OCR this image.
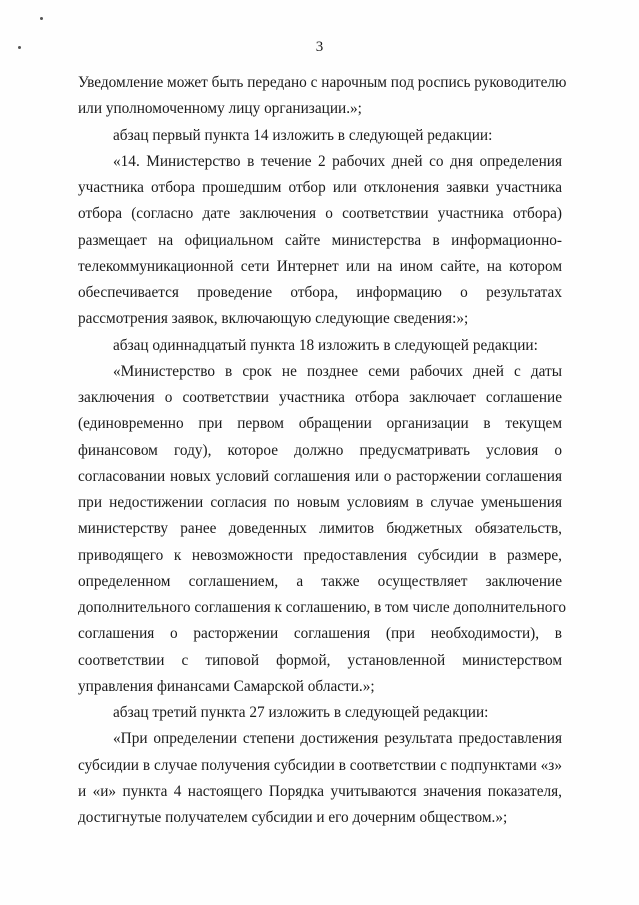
3
Уведомление может быть передано с нарочным под роспись руководителю
или уполномоченному лицу организации.»;
абзац первый пункта 14 изложить в следующей редакции:
«14. Министерство в течение 2 рабочих дней со дня определения
участника отбора прошедшим отбор или отклонения заявки участника
отбора (согласно дате заключения о соответствии участника отбора)
размещает на официальном сайте министерства в информационно-
телекоммуникационной сети Интернет или на ином сайте, на котором
обеспечивается проведение отбора, информацию о результатах
рассмотрения заявок, включающую следующие сведения:»;
абзац одиннадцатый пункта 18 изложить в следующей редакции:
«Министерство в срок не позднее семи рабочих дней с даты
заключения о соответствии участника отбора заключает соглашение
(единовременно при первом обращении организации в текущем
финансовом году), которое должно предусматривать условия о
согласовании новых условий соглашения или о расторжении соглашения
при недостижении согласия по новым условиям в случае уменьшения
министерству ранее доведенных лимитов бюджетных обязательств,
приводящего к невозможности предоставления субсидии в размере,
определенном соглашением, а также осуществляет заключение
дополнительного соглашения к соглашению, в том числе дополнительного
соглашения о расторжении соглашения (при необходимости), в
соответствии с типовой формой, установленной министерством
управления финансами Самарской области.»;
абзац третий пункта 27 изложить в следующей редакции:
«При определении степени достижения результата предоставления
субсидии в случае получения субсидии в соответствии с подпунктами «з»
и «и» пункта 4 настоящего Порядка учитываются значения показателя,
достигнутые получателем субсидии и его дочерним обществом.»;
